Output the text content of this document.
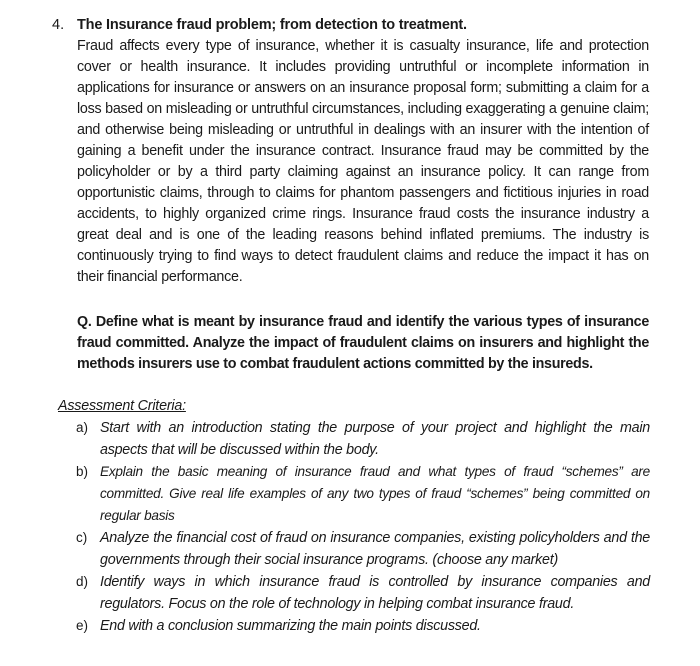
4. The Insurance fraud problem; from detection to treatment.
Fraud affects every type of insurance, whether it is casualty insurance, life and protection cover or health insurance. It includes providing untruthful or incomplete information in applications for insurance or answers on an insurance proposal form; submitting a claim for a loss based on misleading or untruthful circumstances, including exaggerating a genuine claim; and otherwise being misleading or untruthful in dealings with an insurer with the intention of gaining a benefit under the insurance contract. Insurance fraud may be committed by the policyholder or by a third party claiming against an insurance policy. It can range from opportunistic claims, through to claims for phantom passengers and fictitious injuries in road accidents, to highly organized crime rings. Insurance fraud costs the insurance industry a great deal and is one of the leading reasons behind inflated premiums. The industry is continuously trying to find ways to detect fraudulent claims and reduce the impact it has on their financial performance.
Q. Define what is meant by insurance fraud and identify the various types of insurance fraud committed. Analyze the impact of fraudulent claims on insurers and highlight the methods insurers use to combat fraudulent actions committed by the insureds.
Assessment Criteria:
a) Start with an introduction stating the purpose of your project and highlight the main aspects that will be discussed within the body.
b) Explain the basic meaning of insurance fraud and what types of fraud “schemes” are committed. Give real life examples of any two types of fraud “schemes” being committed on regular basis
c) Analyze the financial cost of fraud on insurance companies, existing policyholders and the governments through their social insurance programs. (choose any market)
d) Identify ways in which insurance fraud is controlled by insurance companies and regulators. Focus on the role of technology in helping combat insurance fraud.
e) End with a conclusion summarizing the main points discussed.
